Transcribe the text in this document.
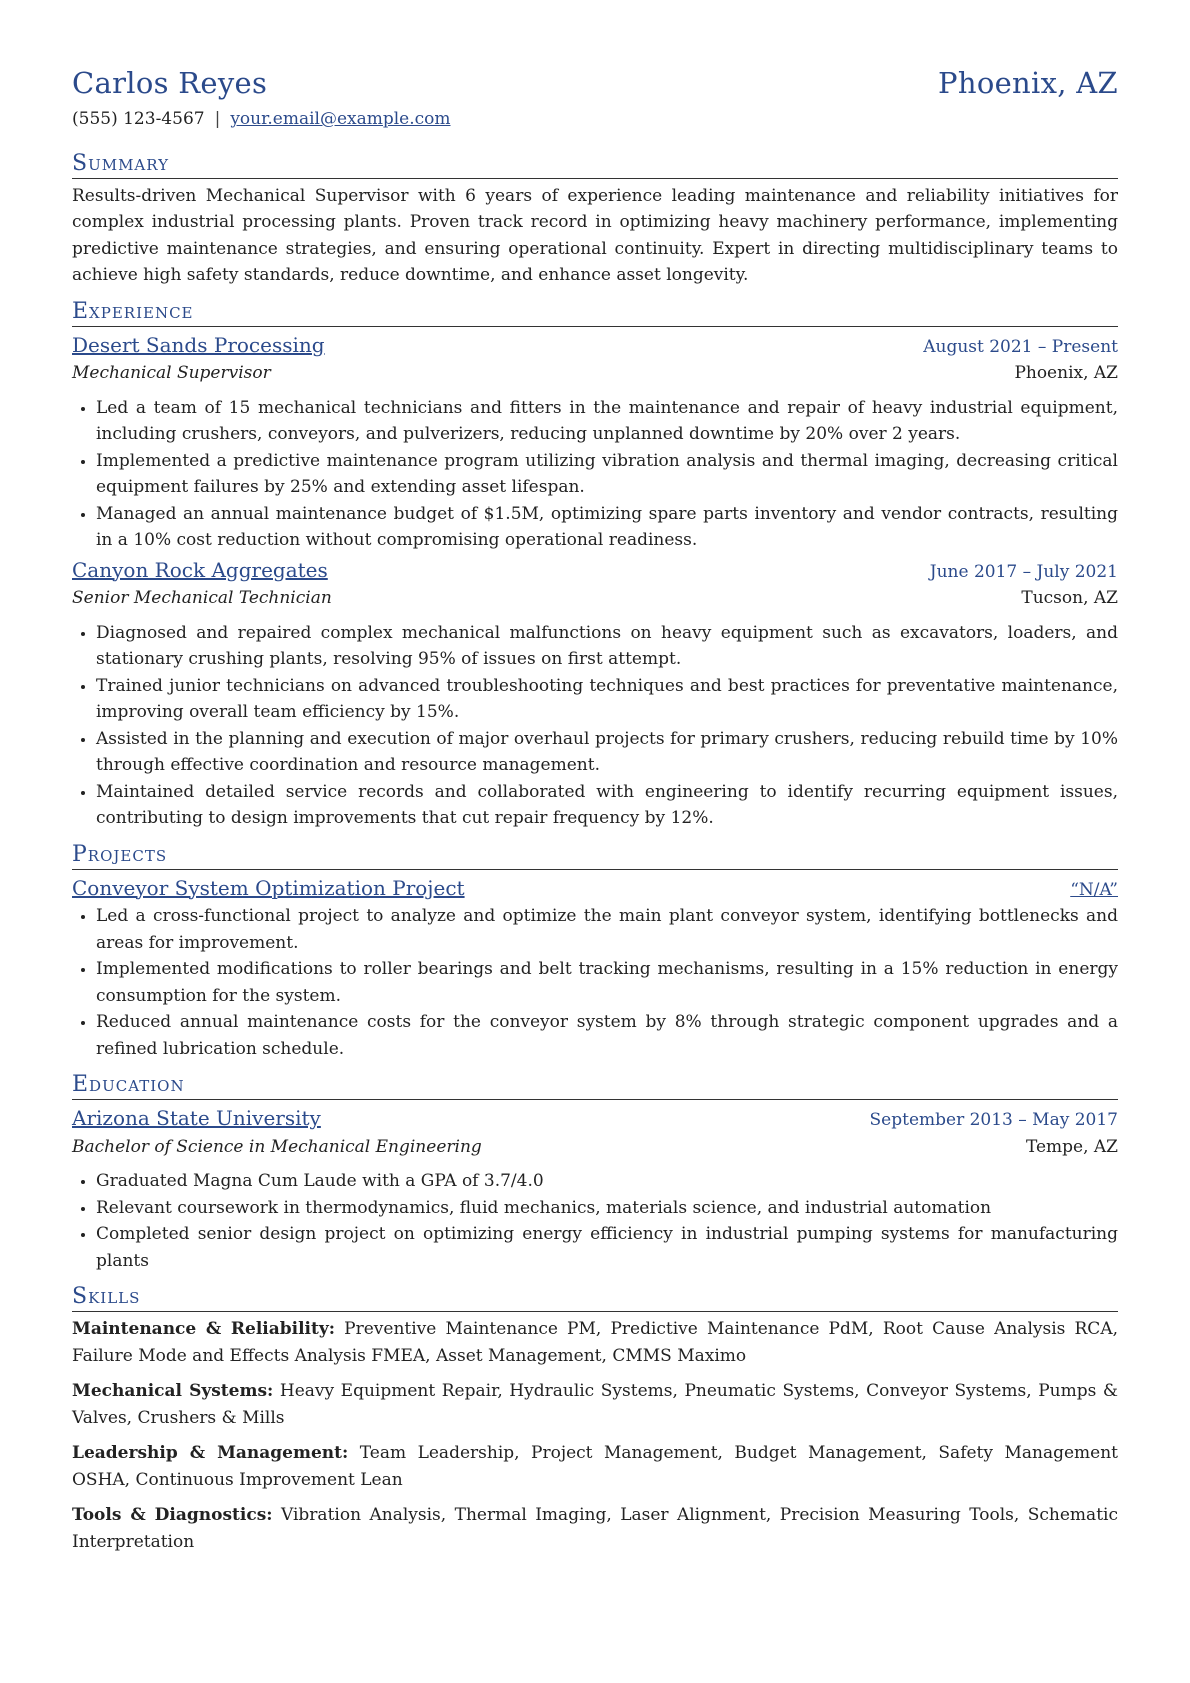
Carlos Reyes	Phoenix, AZ
(555) 123-4567 | your.email@example.com
Summary
Results-driven Mechanical Supervisor with 6 years of experience leading maintenance and reliability initiatives for complex industrial processing plants. Proven track record in optimizing heavy machinery performance, implementing predictive maintenance strategies, and ensuring operational continuity. Expert in directing multidisciplinary teams to achieve high safety standards, reduce downtime, and enhance asset longevity.
Experience
Desert Sands Processing	August 2021 – Present
Mechanical Supervisor	Phoenix, AZ
• Led a team of 15 mechanical technicians and fitters in the maintenance and repair of heavy industrial equipment, including crushers, conveyors, and pulverizers, reducing unplanned downtime by 20% over 2 years.
• Implemented a predictive maintenance program utilizing vibration analysis and thermal imaging, decreasing critical equipment failures by 25% and extending asset lifespan.
• Managed an annual maintenance budget of $1.5M, optimizing spare parts inventory and vendor contracts, resulting in a 10% cost reduction without compromising operational readiness.
Canyon Rock Aggregates	June 2017 – July 2021
Senior Mechanical Technician	Tucson, AZ
• Diagnosed and repaired complex mechanical malfunctions on heavy equipment such as excavators, loaders, and stationary crushing plants, resolving 95% of issues on first attempt.
• Trained junior technicians on advanced troubleshooting techniques and best practices for preventative maintenance, improving overall team efficiency by 15%.
• Assisted in the planning and execution of major overhaul projects for primary crushers, reducing rebuild time by 10% through effective coordination and resource management.
• Maintained detailed service records and collaborated with engineering to identify recurring equipment issues, contributing to design improvements that cut repair frequency by 12%.
Projects
Conveyor System Optimization Project	“N/A”
• Led a cross-functional project to analyze and optimize the main plant conveyor system, identifying bottlenecks and areas for improvement.
• Implemented modifications to roller bearings and belt tracking mechanisms, resulting in a 15% reduction in energy consumption for the system.
• Reduced annual maintenance costs for the conveyor system by 8% through strategic component upgrades and a refined lubrication schedule.
Education
Arizona State University	September 2013 – May 2017
Bachelor of Science in Mechanical Engineering	Tempe, AZ
• Graduated Magna Cum Laude with a GPA of 3.7/4.0
• Relevant coursework in thermodynamics, fluid mechanics, materials science, and industrial automation
• Completed senior design project on optimizing energy efficiency in industrial pumping systems for manufacturing plants
Skills
Maintenance & Reliability: Preventive Maintenance PM, Predictive Maintenance PdM, Root Cause Analysis RCA, Failure Mode and Effects Analysis FMEA, Asset Management, CMMS Maximo
Mechanical Systems: Heavy Equipment Repair, Hydraulic Systems, Pneumatic Systems, Conveyor Systems, Pumps & Valves, Crushers & Mills
Leadership & Management: Team Leadership, Project Management, Budget Management, Safety Management OSHA, Continuous Improvement Lean
Tools & Diagnostics: Vibration Analysis, Thermal Imaging, Laser Alignment, Precision Measuring Tools, Schematic Interpretation
